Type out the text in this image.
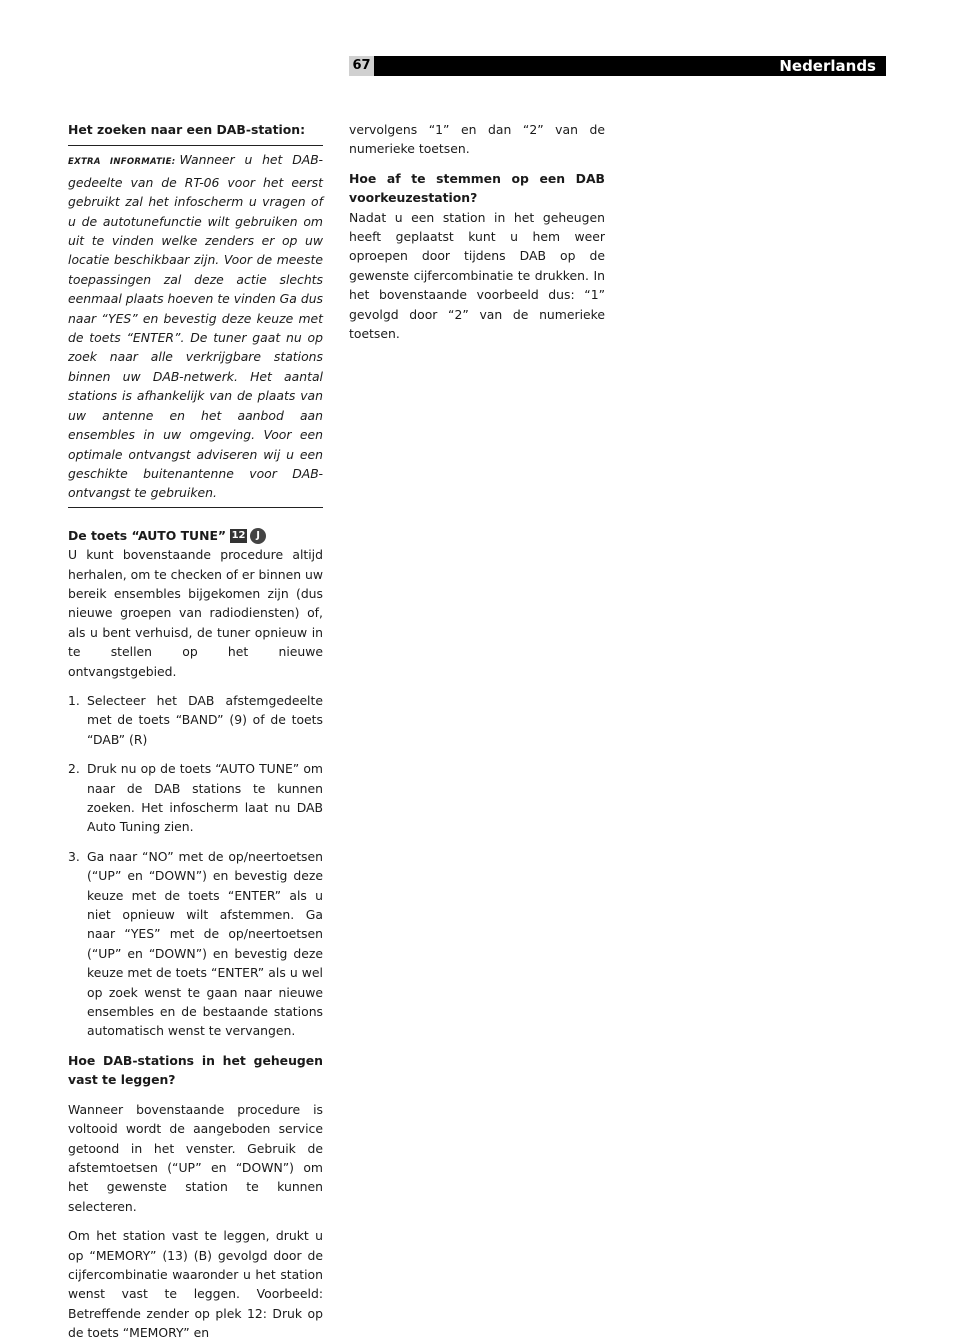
67	Nederlands

Het zoeken naar een DAB-station:

EXTRA INFORMATIE: Wanneer u het DAB-gedeelte van de RT-06 voor het eerst gebruikt zal het infoscherm u vragen of u de autotunefunctie wilt gebruiken om uit te vinden welke zenders er op uw locatie beschikbaar zijn. Voor de meeste toepassingen zal deze actie slechts eenmaal plaats hoeven te vinden Ga dus naar “YES” en bevestig deze keuze met de toets “ENTER”. De tuner gaat nu op zoek naar alle verkrijgbare stations binnen uw DAB-netwerk. Het aantal stations is afhankelijk van de plaats van uw antenne en het aanbod aan ensembles in uw omgeving. Voor een optimale ontvangst adviseren wij u een geschikte buitenantenne voor DAB-ontvangst te gebruiken.

De toets “AUTO TUNE” 12 J

U kunt bovenstaande procedure altijd herhalen, om te checken of er binnen uw bereik ensembles bijgekomen zijn (dus nieuwe groepen van radiodiensten) of, als u bent verhuisd, de tuner opnieuw in te stellen op het nieuwe ontvangstgebied.

1. Selecteer het DAB afstemgedeelte met de toets “BAND” (9) of de toets “DAB” (R)
2. Druk nu op de toets “AUTO TUNE” om naar de DAB stations te kunnen zoeken. Het infoscherm laat nu DAB Auto Tuning zien.
3. Ga naar “NO” met de op/neertoetsen (“UP” en “DOWN”) en bevestig deze keuze met de toets “ENTER” als u niet opnieuw wilt afstemmen. Ga naar “YES” met de op/neertoetsen (“UP” en “DOWN”) en bevestig deze keuze met de toets “ENTER” als u wel op zoek wenst te gaan naar nieuwe ensembles en de bestaande stations automatisch wenst te vervangen.

Hoe DAB-stations in het geheugen vast te leggen?

Wanneer bovenstaande procedure is voltooid wordt de aangeboden service getoond in het venster. Gebruik de afstemtoetsen (“UP” en “DOWN”) om het gewenste station te kunnen selecteren.

Om het station vast te leggen, drukt u op “MEMORY” (13) (B) gevolgd door de cijfercombinatie waaronder u het station wenst vast te leggen. Voorbeeld: Betreffende zender op plek 12: Druk op de toets “MEMORY” en

vervolgens “1” en dan “2” van de numerieke toetsen.

Hoe af te stemmen op een DAB voorkeuzestation?

Nadat u een station in het geheugen heeft geplaatst kunt u hem weer oproepen door tijdens DAB op de gewenste cijfercombinatie te drukken. In het bovenstaande voorbeeld dus: “1” gevolgd door “2” van de numerieke toetsen.
